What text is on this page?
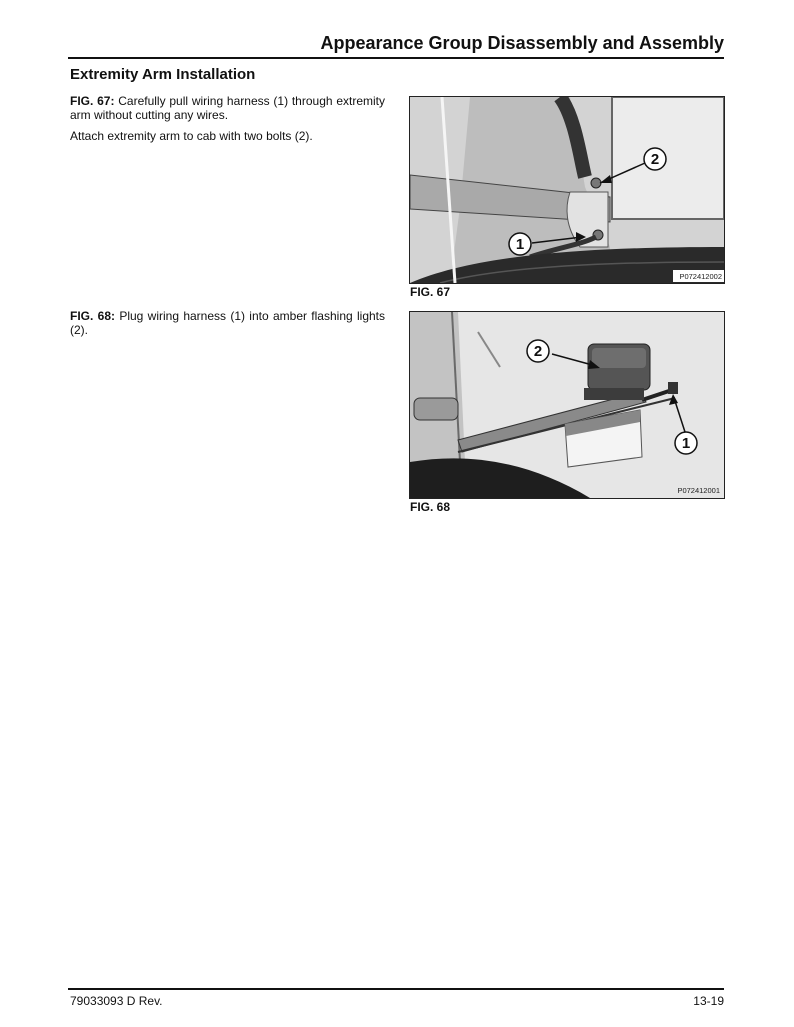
Appearance Group Disassembly and Assembly
Extremity Arm Installation

FIG. 67: Carefully pull wiring harness (1) through extremity arm without cutting any wires.

Attach extremity arm to cab with two bolts (2).

FIG. 68: Plug wiring harness (1) into amber flashing lights (2).

2
1
P072412002
FIG. 67
2
1
P072412001
FIG. 68
79033093 D Rev.	13-19
